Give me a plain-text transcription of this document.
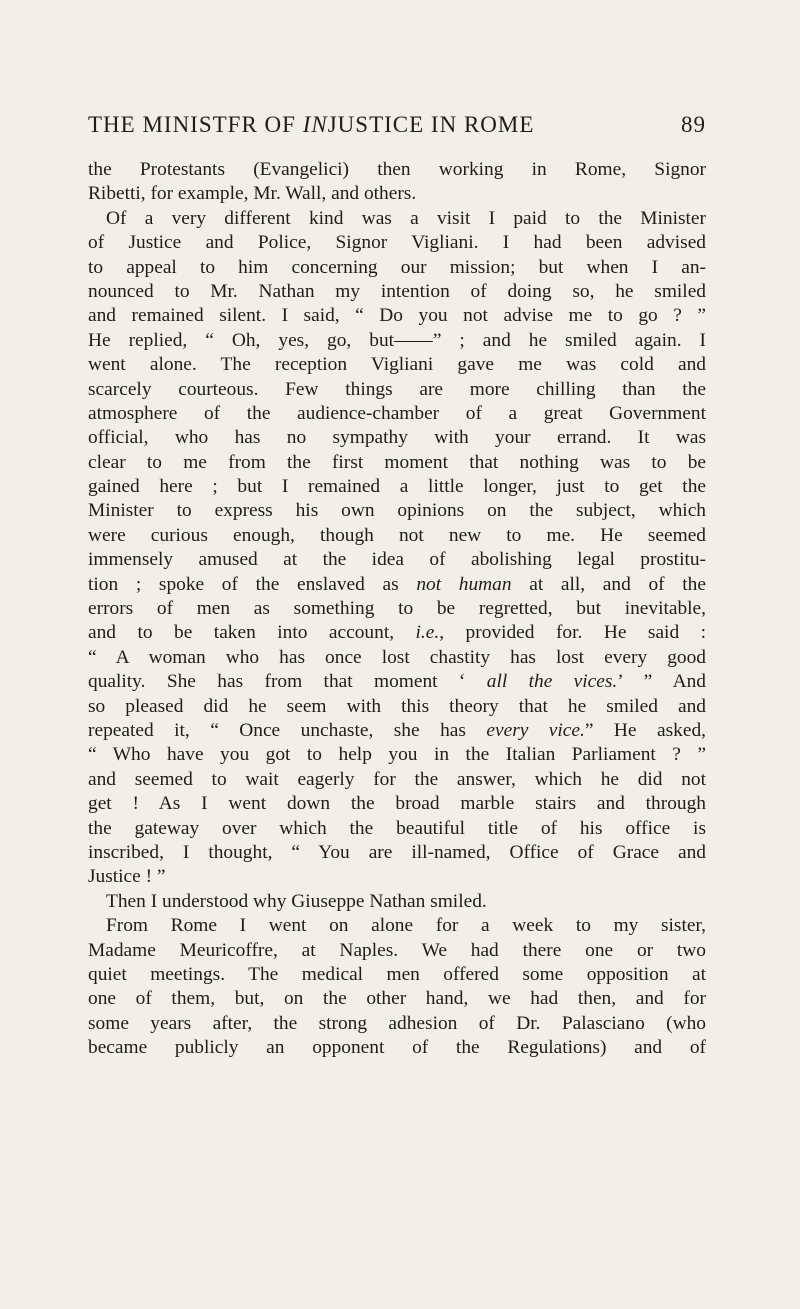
THE MINISTFR OF INJUSTICE IN ROME	89
the Protestants (Evangelici) then working in Rome, Signor
Ribetti, for example, Mr. Wall, and others.
Of a very different kind was a visit I paid to the Minister
of Justice and Police, Signor Vigliani. I had been advised
to appeal to him concerning our mission; but when I an-
nounced to Mr. Nathan my intention of doing so, he smiled
and remained silent. I said, “ Do you not advise me to go ? ”
He replied, “ Oh, yes, go, but——” ; and he smiled again. I
went alone. The reception Vigliani gave me was cold and
scarcely courteous. Few things are more chilling than the
atmosphere of the audience-chamber of a great Government
official, who has no sympathy with your errand. It was
clear to me from the first moment that nothing was to be
gained here ; but I remained a little longer, just to get the
Minister to express his own opinions on the subject, which
were curious enough, though not new to me. He seemed
immensely amused at the idea of abolishing legal prostitu-
tion ; spoke of the enslaved as not human at all, and of the
errors of men as something to be regretted, but inevitable,
and to be taken into account, i.e., provided for. He said :
“ A woman who has once lost chastity has lost every good
quality. She has from that moment ‘ all the vices.’ ” And
so pleased did he seem with this theory that he smiled and
repeated it, “ Once unchaste, she has every vice.” He asked,
“ Who have you got to help you in the Italian Parliament ? ”
and seemed to wait eagerly for the answer, which he did not
get ! As I went down the broad marble stairs and through
the gateway over which the beautiful title of his office is
inscribed, I thought, “ You are ill-named, Office of Grace and
Justice ! ”
Then I understood why Giuseppe Nathan smiled.
From Rome I went on alone for a week to my sister,
Madame Meuricoffre, at Naples. We had there one or two
quiet meetings. The medical men offered some opposition at
one of them, but, on the other hand, we had then, and for
some years after, the strong adhesion of Dr. Palasciano (who
became publicly an opponent of the Regulations) and of
